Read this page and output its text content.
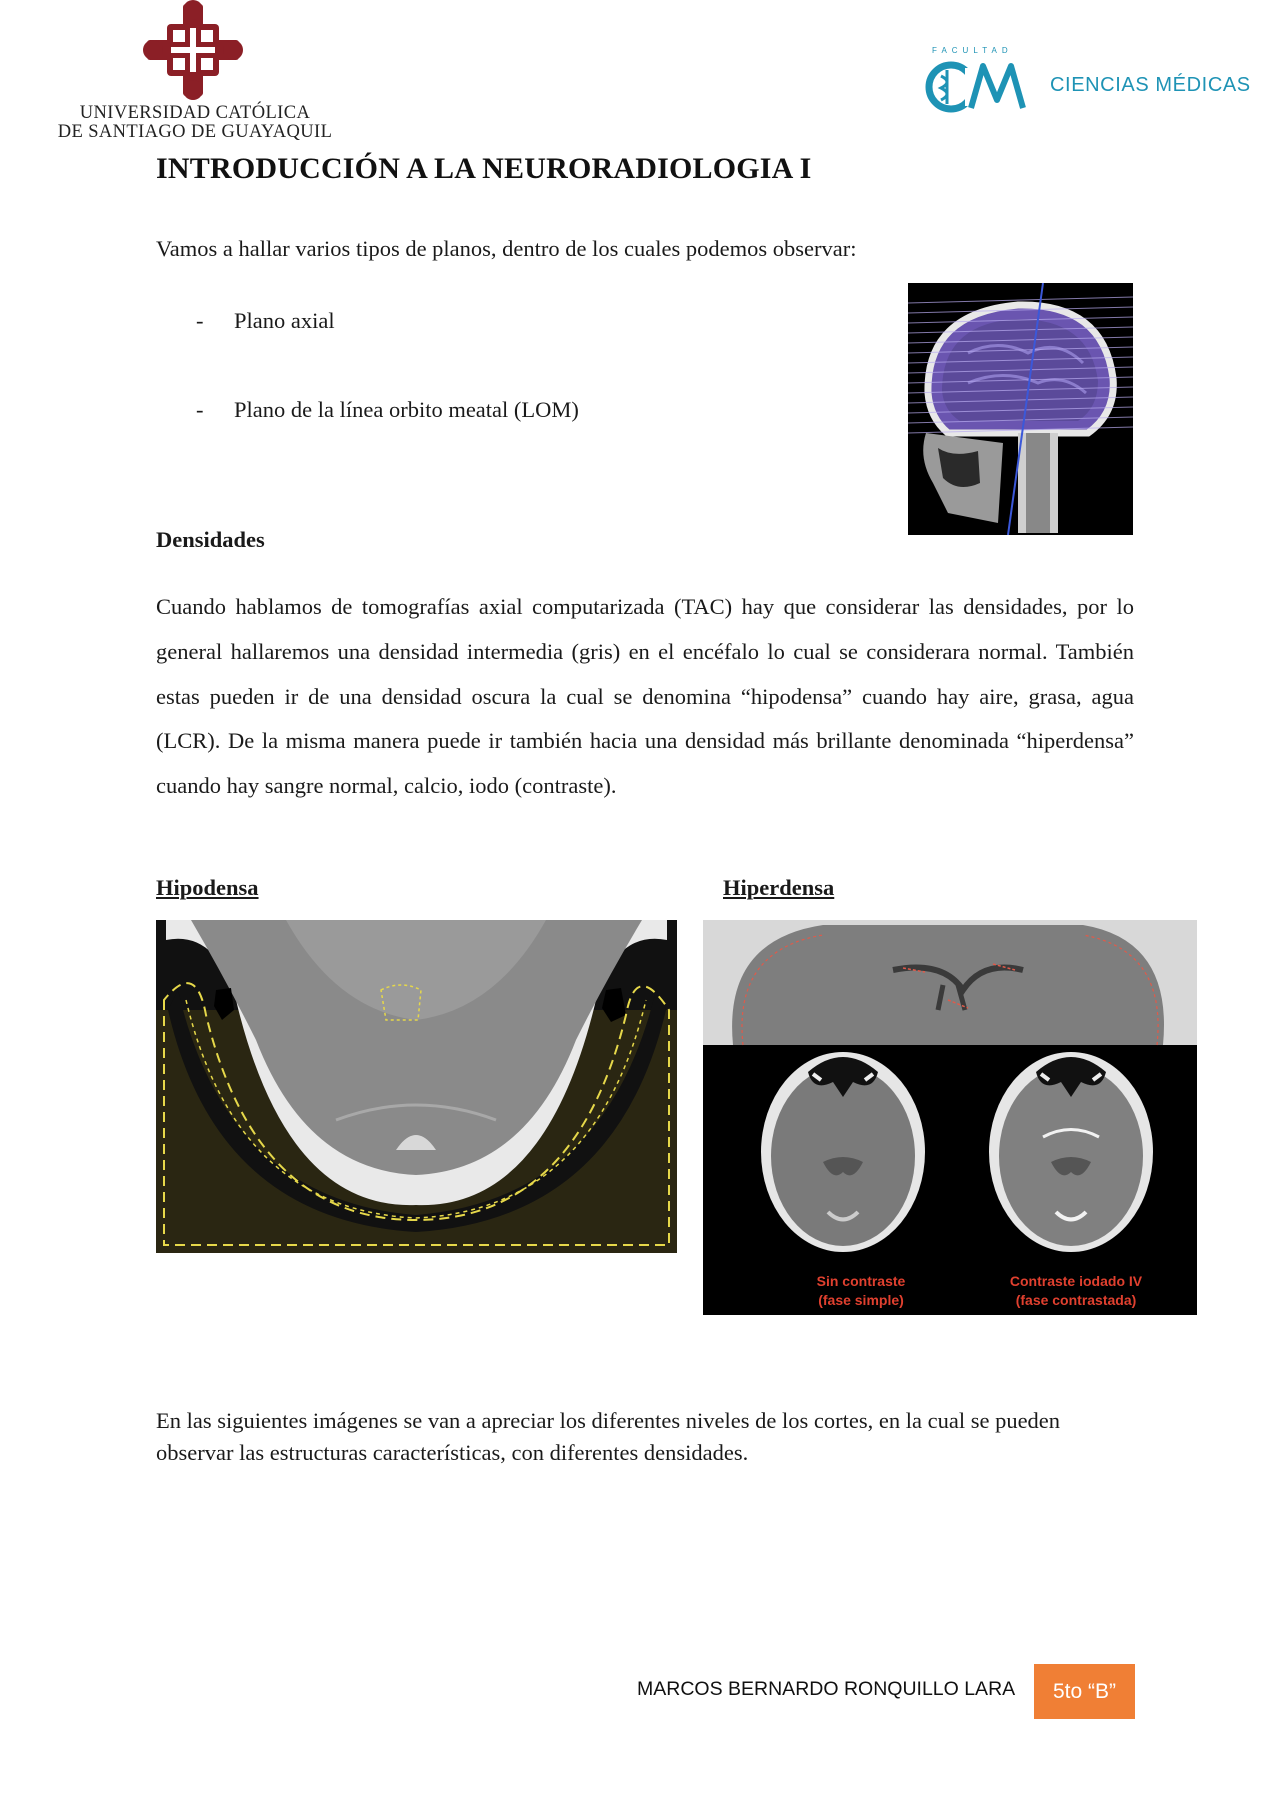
UNIVERSIDAD CATÓLICA
DE SANTIAGO DE GUAYAQUIL
FACULTAD
CIENCIAS MÉDICAS
INTRODUCCIÓN A LA NEURORADIOLOGIA I
Vamos a hallar varios tipos de planos, dentro de los cuales podemos observar:
- Plano axial
- Plano de la línea orbito meatal (LOM)
Densidades

Cuando hablamos de tomografías axial computarizada (TAC) hay que considerar las densidades, por lo general hallaremos una densidad intermedia (gris) en el encéfalo lo cual se considerara normal. También estas pueden ir de una densidad oscura la cual se denomina “hipodensa” cuando hay aire, grasa, agua (LCR). De la misma manera puede ir también hacia una densidad más brillante denominada “hiperdensa” cuando hay sangre normal, calcio, iodo (contraste).

Hipodensa	Hiperdensa
Sin contraste
(fase simple)
Contraste iodado IV
(fase contrastada)

En las siguientes imágenes se van a apreciar los diferentes niveles de los cortes, en la cual se pueden observar las estructuras características, con diferentes densidades.

MARCOS BERNARDO RONQUILLO LARA	5to “B”
